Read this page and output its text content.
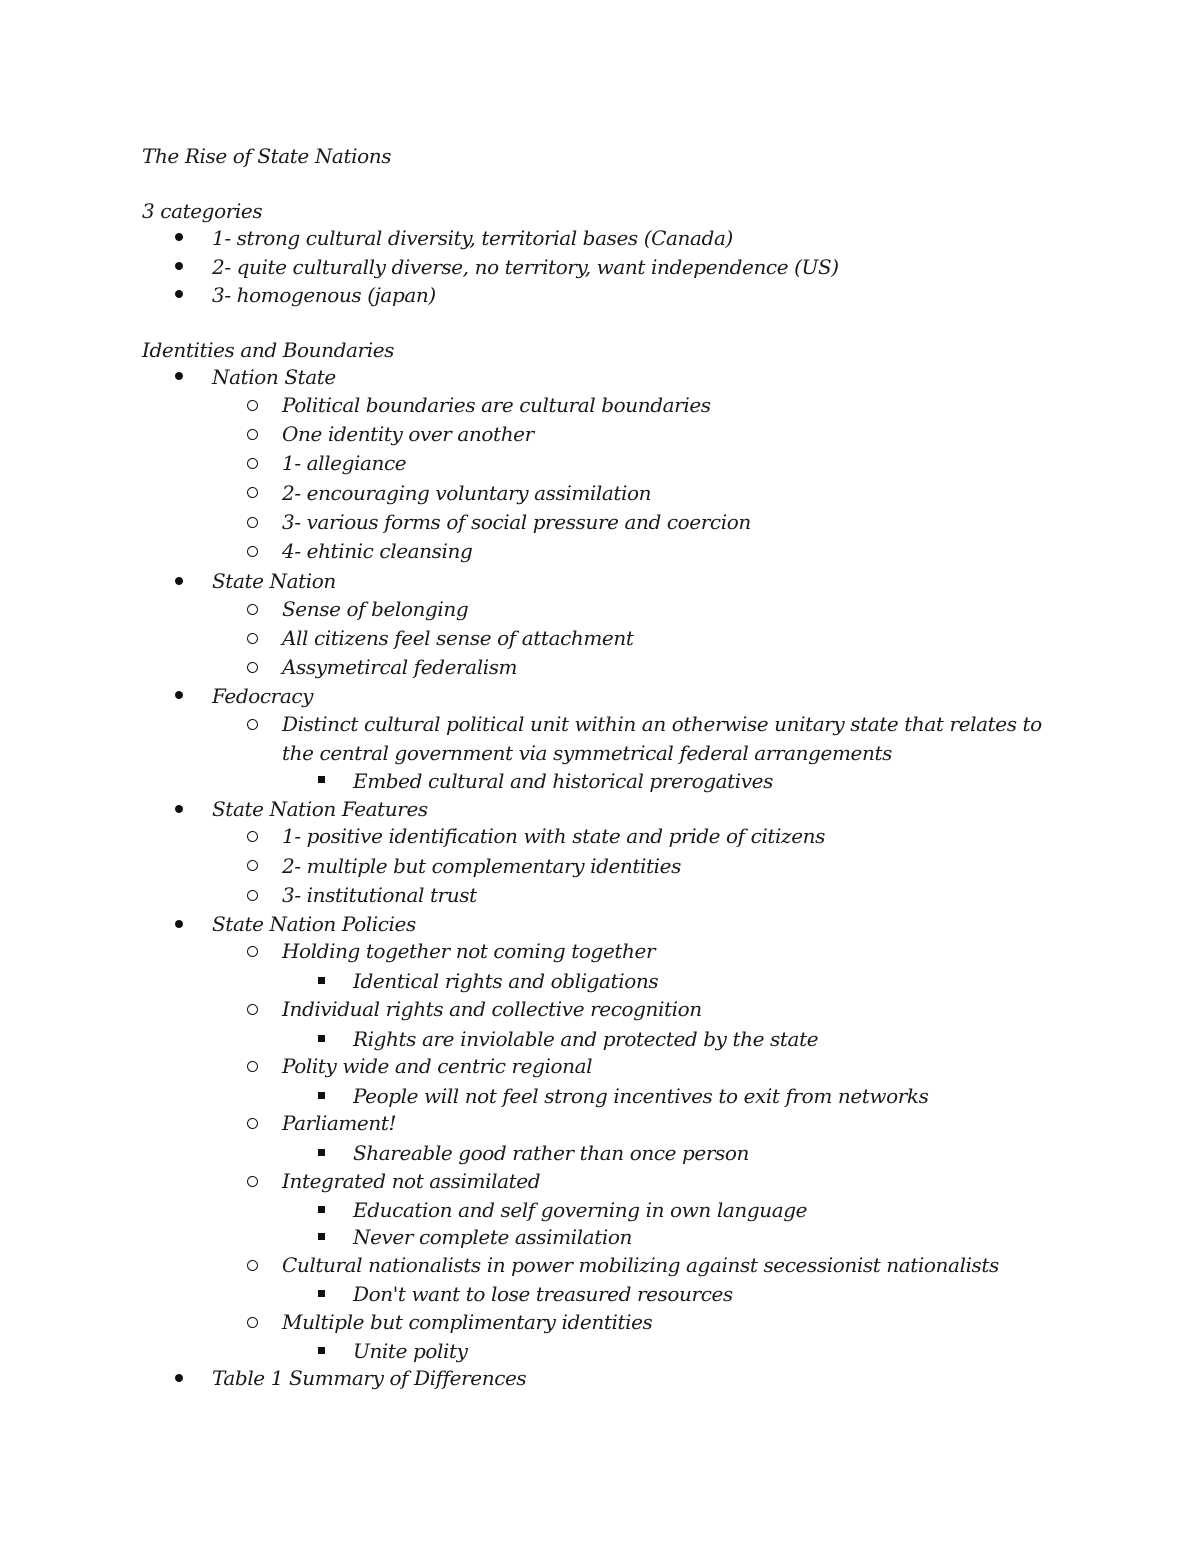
The Rise of State Nations
3 categories
1- strong cultural diversity, territorial bases (Canada)
2- quite culturally diverse, no territory, want independence (US)
3- homogenous (japan)
Identities and Boundaries
Nation State
Political boundaries are cultural boundaries
One identity over another
1- allegiance
2- encouraging voluntary assimilation
3- various forms of social pressure and coercion
4- ehtinic cleansing
State Nation
Sense of belonging
All citizens feel sense of attachment
Assymetircal federalism
Fedocracy
Distinct cultural political unit within an otherwise unitary state that relates to
the central government via symmetrical federal arrangements
Embed cultural and historical prerogatives
State Nation Features
1- positive identification with state and pride of citizens
2- multiple but complementary identities
3- institutional trust
State Nation Policies
Holding together not coming together
Identical rights and obligations
Individual rights and collective recognition
Rights are inviolable and protected by the state
Polity wide and centric regional
People will not feel strong incentives to exit from networks
Parliament!
Shareable good rather than once person
Integrated not assimilated
Education and self governing in own language
Never complete assimilation
Cultural nationalists in power mobilizing against secessionist nationalists
Don't want to lose treasured resources
Multiple but complimentary identities
Unite polity
Table 1 Summary of Differences
